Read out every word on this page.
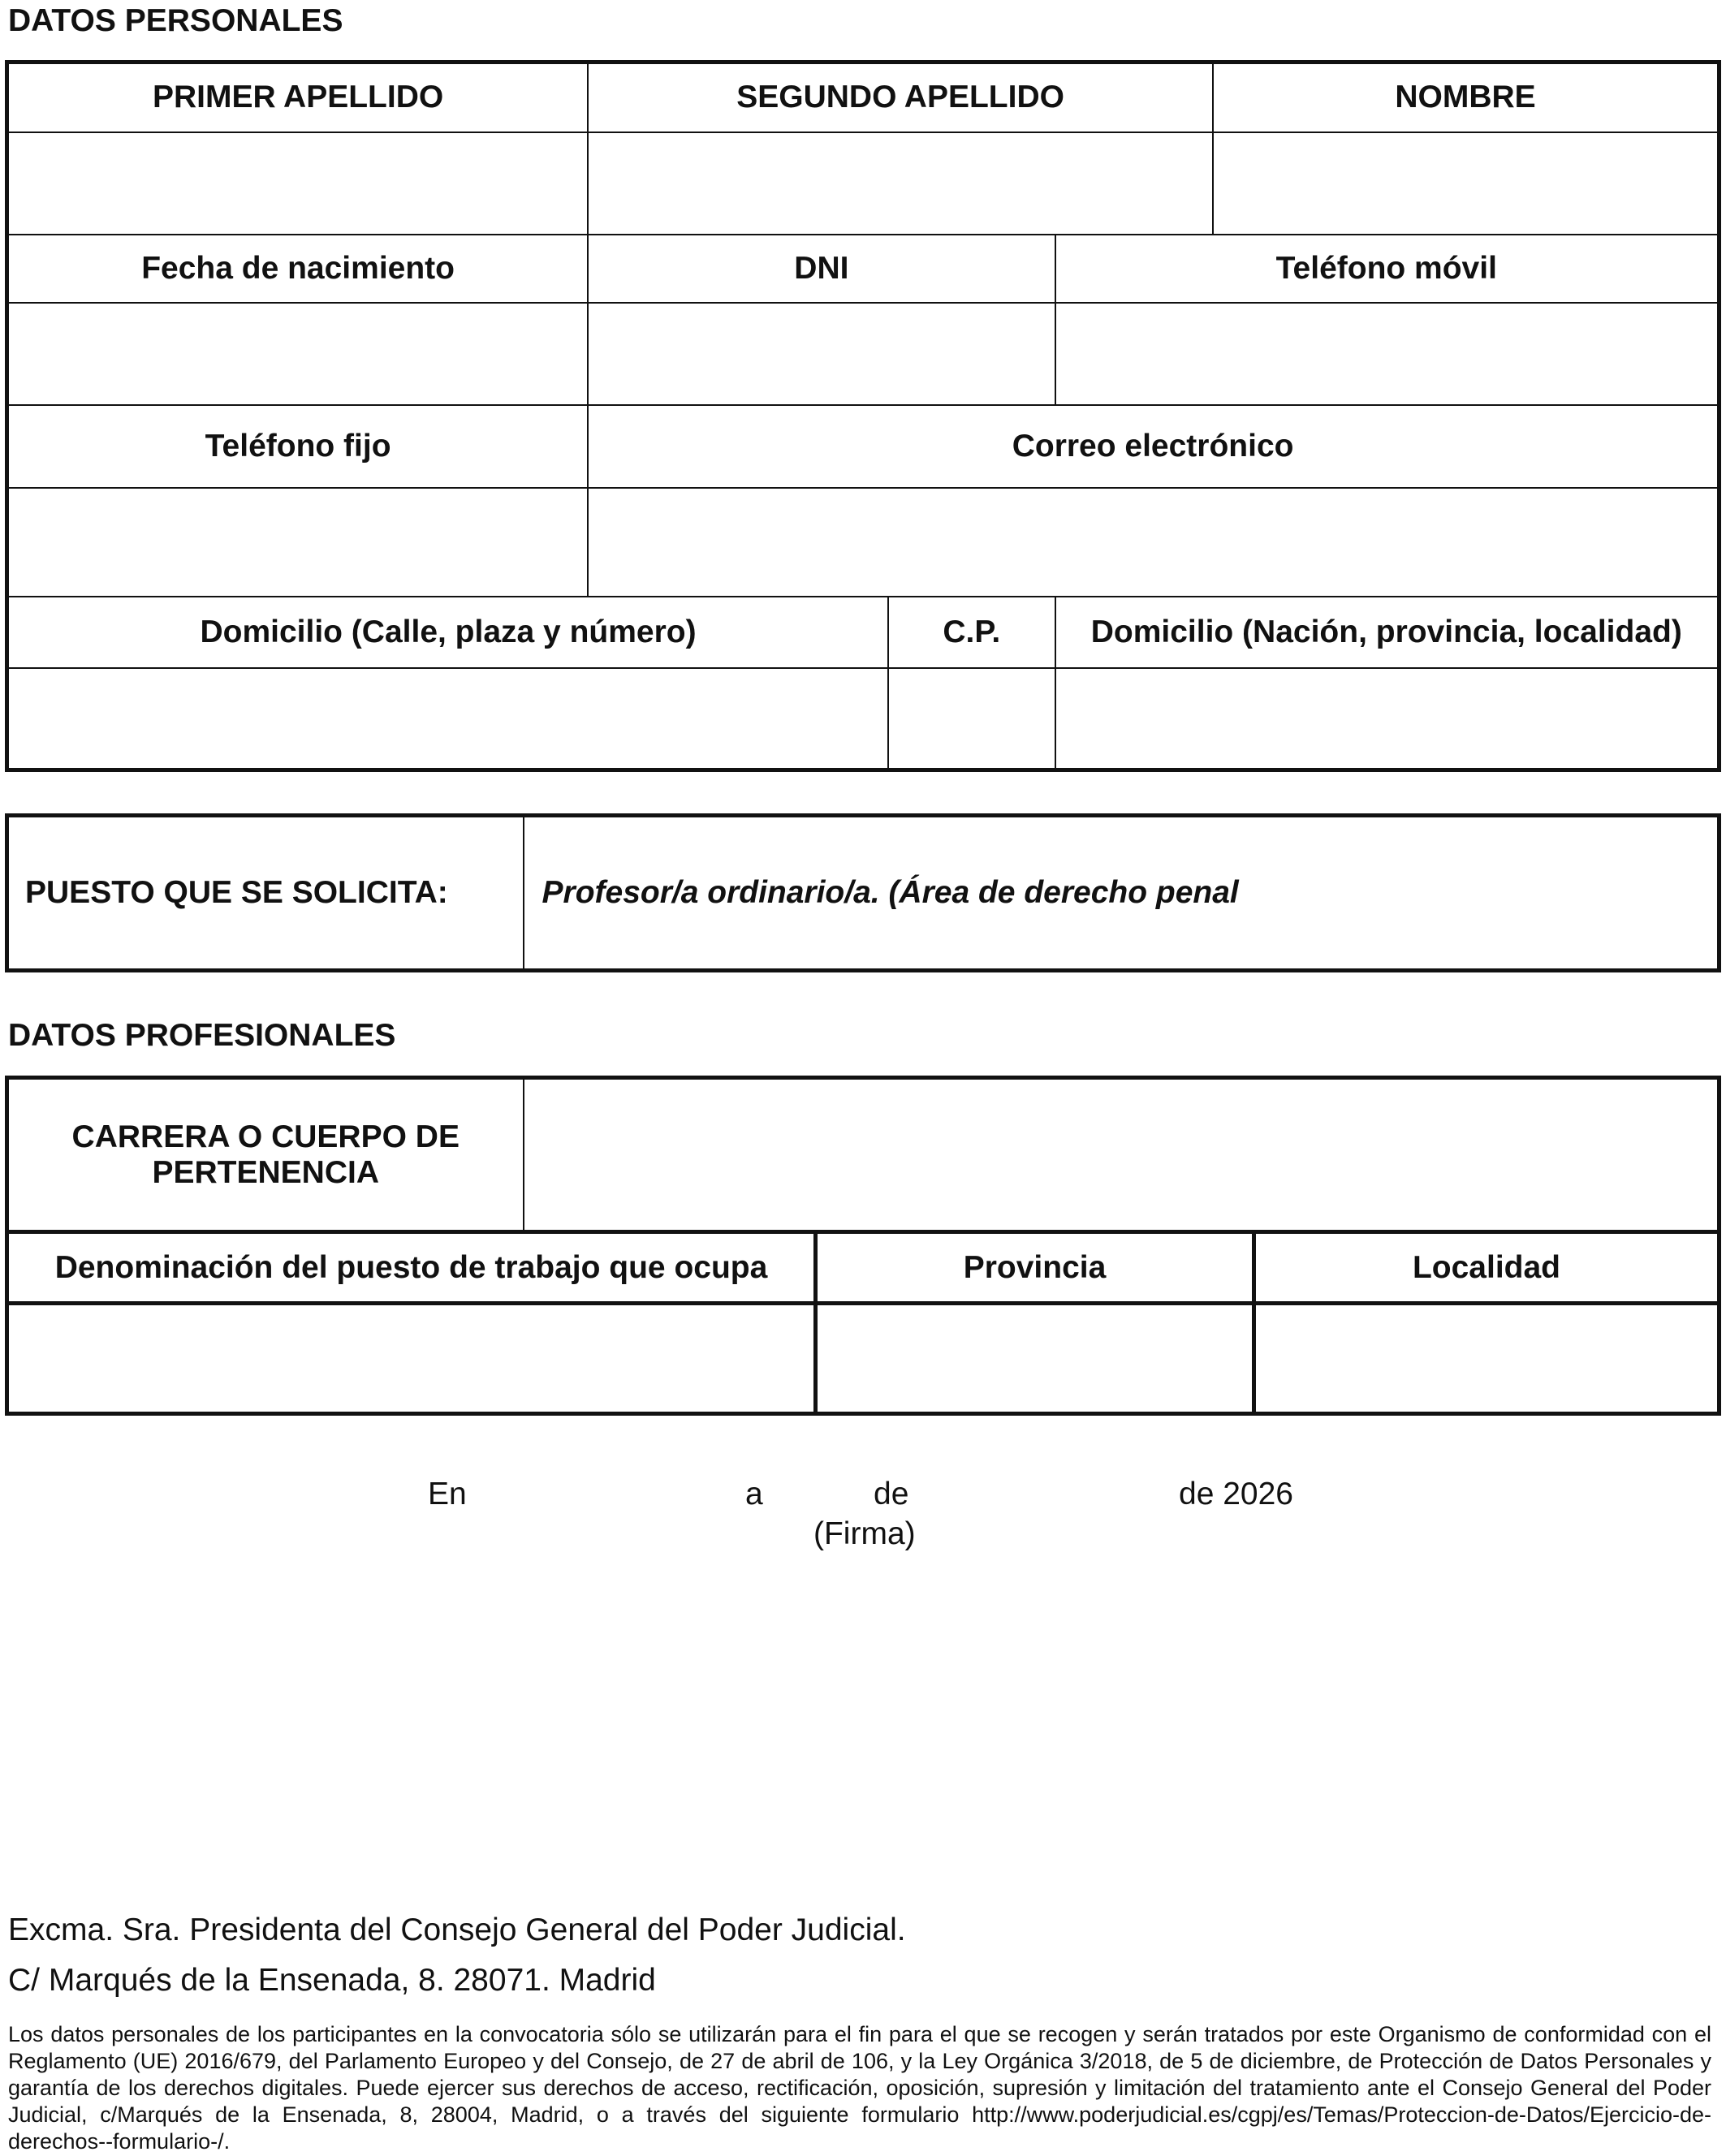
DATOS PERSONALES
PRIMER APELLIDO	SEGUNDO APELLIDO			NOMBRE

Fecha de nacimiento	DNI		Teléfono móvil	

Teléfono fijo	Correo electrónico			

Domicilio (Calle, plaza y número)		C.P.	Domicilio (Nación, provincia, localidad)	

PUESTO QUE SE SOLICITA:	Profesor/a ordinario/a. (Área de derecho penal
DATOS PROFESIONALES
CARRERA O CUERPO DE
PERTENENCIA			

Denominación del puesto de trabajo que ocupa		Provincia	Localidad

En	a	de	de 2026
(Firma)
Excma. Sra. Presidenta del Consejo General del Poder Judicial.
C/ Marqués de la Ensenada, 8. 28071. Madrid
Los datos personales de los participantes en la convocatoria sólo se utilizarán para el fin para el que se recogen y serán tratados por este Organismo de conformidad con el Reglamento (UE) 2016/679, del Parlamento Europeo y del Consejo, de 27 de abril de 106, y la Ley Orgánica 3/2018, de 5 de diciembre, de Protección de Datos Personales y garantía de los derechos digitales. Puede ejercer sus derechos de acceso, rectificación, oposición, supresión y limitación del tratamiento ante el Consejo General del Poder Judicial, c/Marqués de la Ensenada, 8, 28004, Madrid, o a través del siguiente formulario http://www.poderjudicial.es/cgpj/es/Temas/Proteccion-de-Datos/Ejercicio-de-derechos--formulario-/.
